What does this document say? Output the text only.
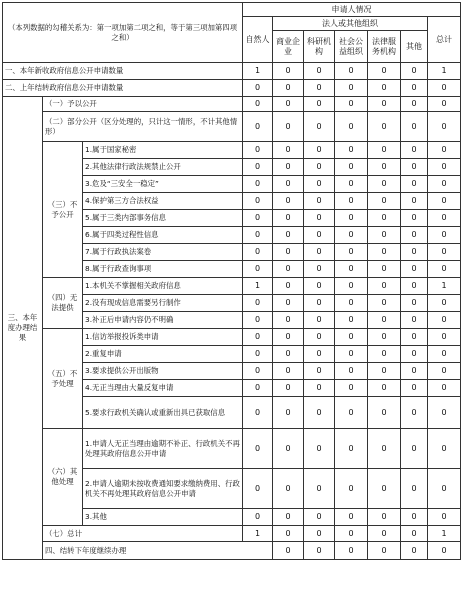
（本列数据的勾稽关系为：第一项加第二项之和，等于第三项加第四项之和）			申请人情况							
			自然人	法人或其他组织					总计	
				商业企业	科研机构	社会公益组织	法律服务机构	其他		
一、本年新收政府信息公开申请数量			1	0	0	0	0	0	1	
二、上年结转政府信息公开申请数量			0	0	0	0	0	0	0	
三、本年度办理结果	（一）予以公开		0	0	0	0	0	0	0	
	（二）部分公开（区分处理的，只计这一情形，不计其他情形）		0	0	0	0	0	0	0	
	（三）不予公开	1.属于国家秘密	0	0	0	0	0	0	0	
		2.其他法律行政法规禁止公开	0	0	0	0	0	0	0	
		3.危及“三安全一稳定”	0	0	0	0	0	0	0	
		4.保护第三方合法权益	0	0	0	0	0	0	0	
		5.属于三类内部事务信息	0	0	0	0	0	0	0	
		6.属于四类过程性信息	0	0	0	0	0	0	0	
		7.属于行政执法案卷	0	0	0	0	0	0	0	
		8.属于行政查询事项	0	0	0	0	0	0	0	
	（四）无法提供	1.本机关不掌握相关政府信息	1	0	0	0	0	0	1	
		2.没有现成信息需要另行制作	0	0	0	0	0	0	0	
		3.补正后申请内容仍不明确	0	0	0	0	0	0	0	
	（五）不予处理	1.信访举报投诉类申请	0	0	0	0	0	0	0	
		2.重复申请	0	0	0	0	0	0	0	
		3.要求提供公开出版物	0	0	0	0	0	0	0	
		4.无正当理由大量反复申请	0	0	0	0	0	0	0	
		5.要求行政机关确认或重新出具已获取信息	0	0	0	0	0	0	0	
	（六）其他处理	1.申请人无正当理由逾期不补正、行政机关不再处理其政府信息公开申请	0	0	0	0	0	0	0	
		2.申请人逾期未按收费通知要求缴纳费用、行政机关不再处理其政府信息公开申请	0	0	0	0	0	0	0	
		3.其他	0	0	0	0	0	0	0	
	（七）总计		1	0	0	0	0	0	1	
	四、结转下年度继续办理			0	0	0	0	0	0	
